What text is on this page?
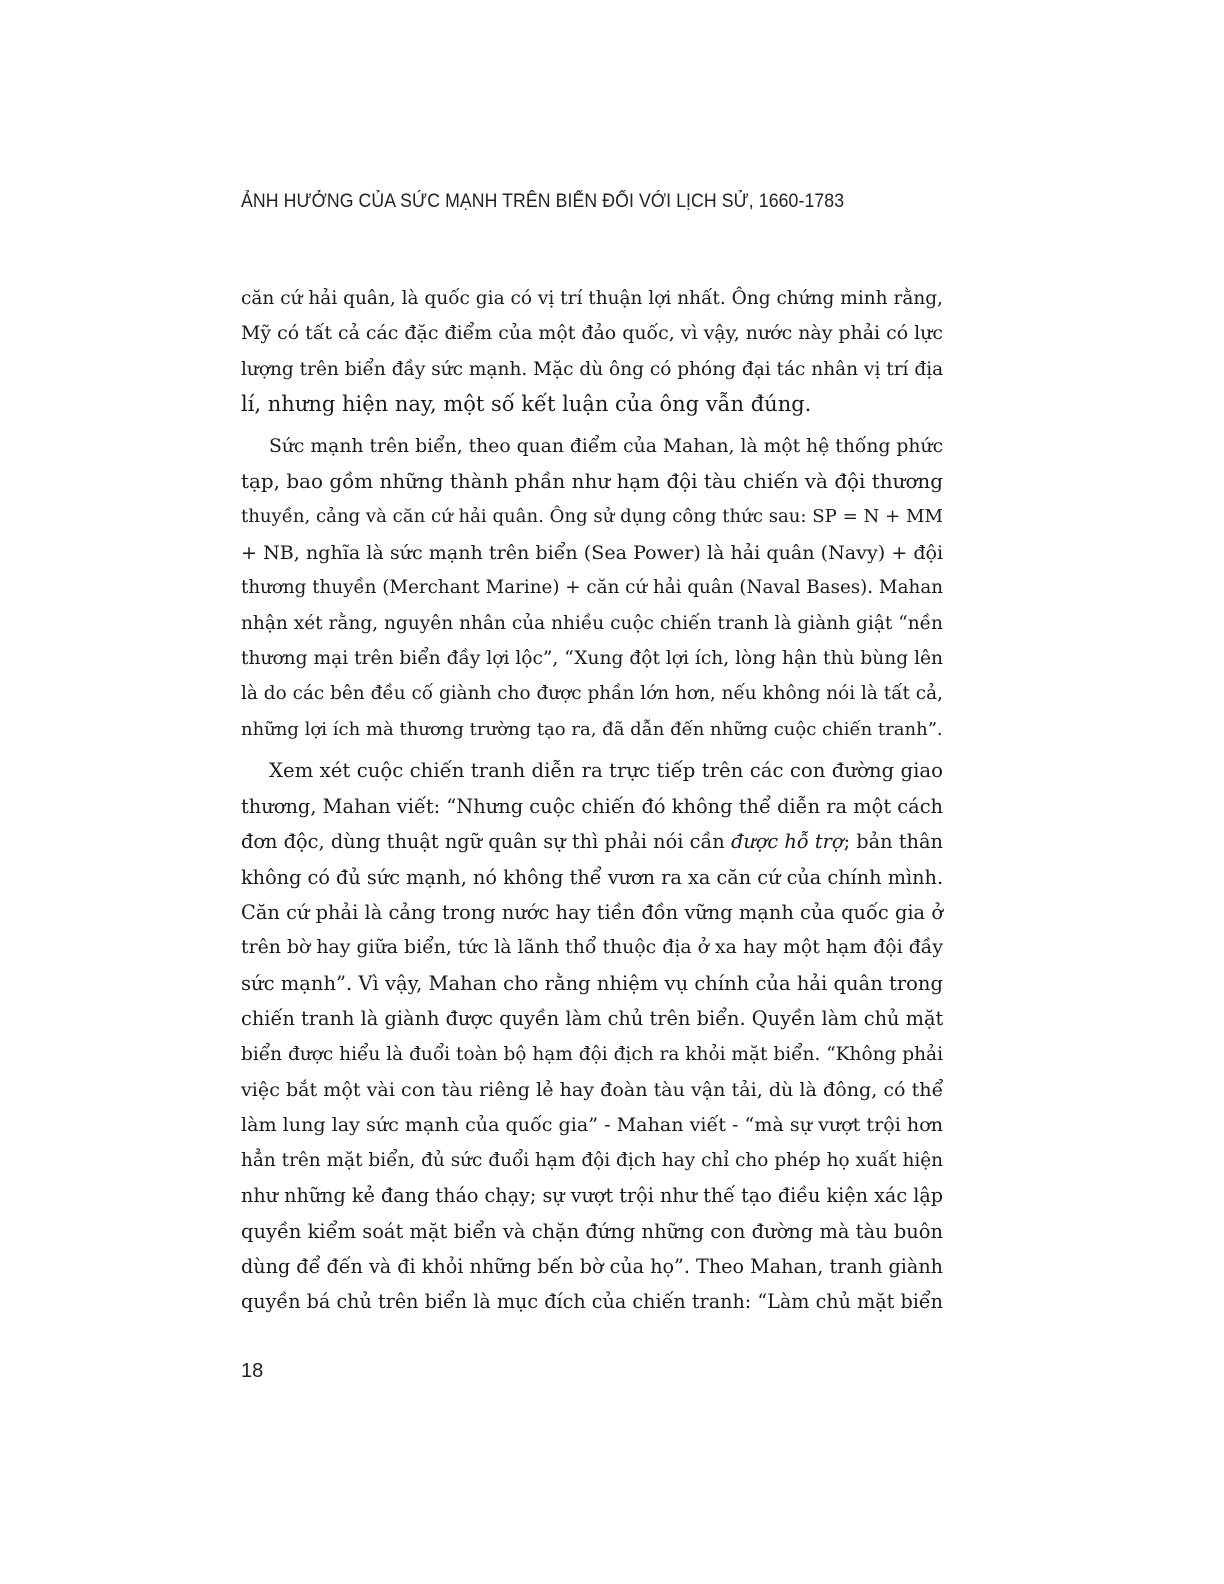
ẢNH HƯỞNG CỦA SỨC MẠNH TRÊN BIỂN ĐỐI VỚI LỊCH SỬ, 1660-1783

căn cứ hải quân, là quốc gia có vị trí thuận lợi nhất. Ông chứng minh rằng,
Mỹ có tất cả các đặc điểm của một đảo quốc, vì vậy, nước này phải có lực
lượng trên biển đầy sức mạnh. Mặc dù ông có phóng đại tác nhân vị trí địa
lí, nhưng hiện nay, một số kết luận của ông vẫn đúng.

Sức mạnh trên biển, theo quan điểm của Mahan, là một hệ thống phức
tạp, bao gồm những thành phần như hạm đội tàu chiến và đội thương
thuyền, cảng và căn cứ hải quân. Ông sử dụng công thức sau: SP = N + MM
+ NB, nghĩa là sức mạnh trên biển (Sea Power) là hải quân (Navy) + đội
thương thuyền (Merchant Marine) + căn cứ hải quân (Naval Bases). Mahan
nhận xét rằng, nguyên nhân của nhiều cuộc chiến tranh là giành giật “nền
thương mại trên biển đầy lợi lộc”, “Xung đột lợi ích, lòng hận thù bùng lên
là do các bên đều cố giành cho được phần lớn hơn, nếu không nói là tất cả,
những lợi ích mà thương trường tạo ra, đã dẫn đến những cuộc chiến tranh”.

Xem xét cuộc chiến tranh diễn ra trực tiếp trên các con đường giao
thương, Mahan viết: “Nhưng cuộc chiến đó không thể diễn ra một cách
đơn độc, dùng thuật ngữ quân sự thì phải nói cần được hỗ trợ; bản thân
không có đủ sức mạnh, nó không thể vươn ra xa căn cứ của chính mình.
Căn cứ phải là cảng trong nước hay tiền đồn vững mạnh của quốc gia ở
trên bờ hay giữa biển, tức là lãnh thổ thuộc địa ở xa hay một hạm đội đầy
sức mạnh”. Vì vậy, Mahan cho rằng nhiệm vụ chính của hải quân trong
chiến tranh là giành được quyền làm chủ trên biển. Quyền làm chủ mặt
biển được hiểu là đuổi toàn bộ hạm đội địch ra khỏi mặt biển. “Không phải
việc bắt một vài con tàu riêng lẻ hay đoàn tàu vận tải, dù là đông, có thể
làm lung lay sức mạnh của quốc gia” - Mahan viết - “mà sự vượt trội hơn
hẳn trên mặt biển, đủ sức đuổi hạm đội địch hay chỉ cho phép họ xuất hiện
như những kẻ đang tháo chạy; sự vượt trội như thế tạo điều kiện xác lập
quyền kiểm soát mặt biển và chặn đứng những con đường mà tàu buôn
dùng để đến và đi khỏi những bến bờ của họ”. Theo Mahan, tranh giành
quyền bá chủ trên biển là mục đích của chiến tranh: “Làm chủ mặt biển

18
